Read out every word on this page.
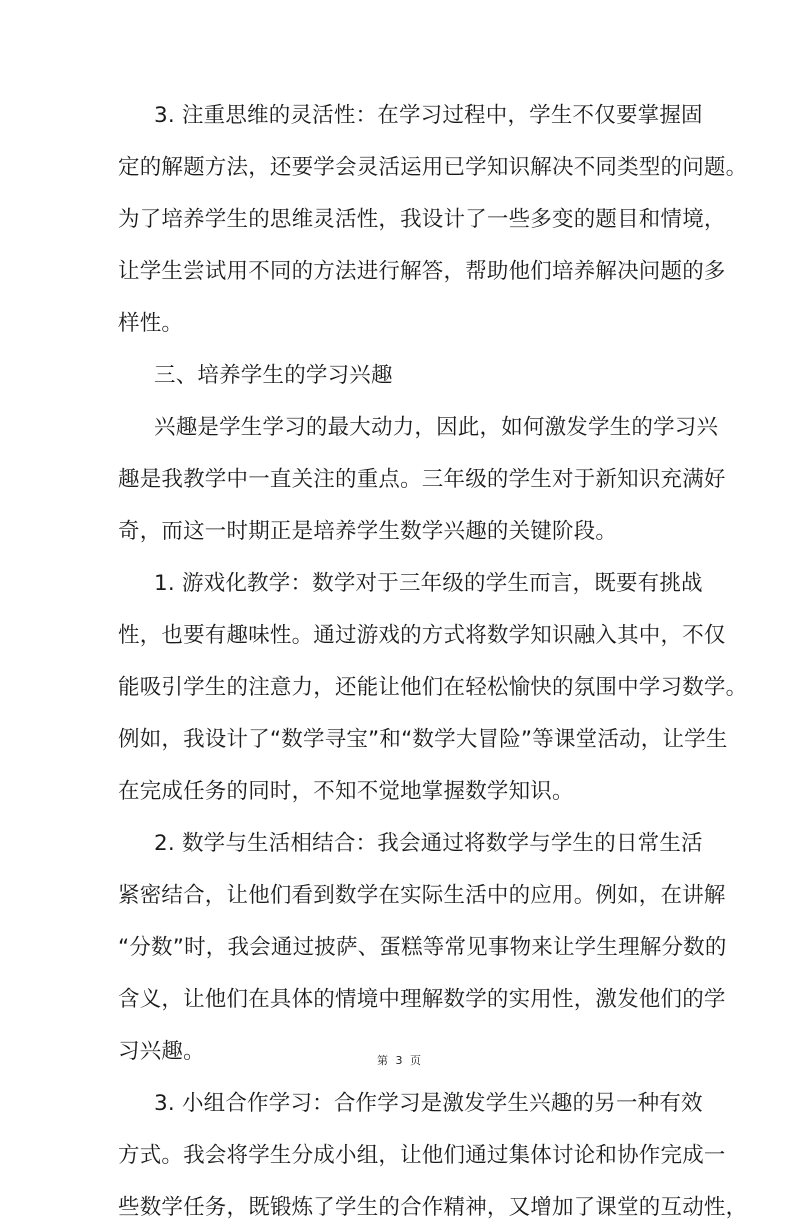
3. 注重思维的灵活性：在学习过程中，学生不仅要掌握固
定的解题方法，还要学会灵活运用已学知识解决不同类型的问题。
为了培养学生的思维灵活性，我设计了一些多变的题目和情境，
让学生尝试用不同的方法进行解答，帮助他们培养解决问题的多
样性。
三、培养学生的学习兴趣
兴趣是学生学习的最大动力，因此，如何激发学生的学习兴
趣是我教学中一直关注的重点。三年级的学生对于新知识充满好
奇，而这一时期正是培养学生数学兴趣的关键阶段。
1. 游戏化教学：数学对于三年级的学生而言，既要有挑战
性，也要有趣味性。通过游戏的方式将数学知识融入其中，不仅
能吸引学生的注意力，还能让他们在轻松愉快的氛围中学习数学。
例如，我设计了“数学寻宝”和“数学大冒险”等课堂活动，让学生
在完成任务的同时，不知不觉地掌握数学知识。
2. 数学与生活相结合：我会通过将数学与学生的日常生活
紧密结合，让他们看到数学在实际生活中的应用。例如，在讲解
“分数”时，我会通过披萨、蛋糕等常见事物来让学生理解分数的
含义，让他们在具体的情境中理解数学的实用性，激发他们的学
习兴趣。
3. 小组合作学习：合作学习是激发学生兴趣的另一种有效
方式。我会将学生分成小组，让他们通过集体讨论和协作完成一
些数学任务，既锻炼了学生的合作精神，又增加了课堂的互动性，
第 3 页
